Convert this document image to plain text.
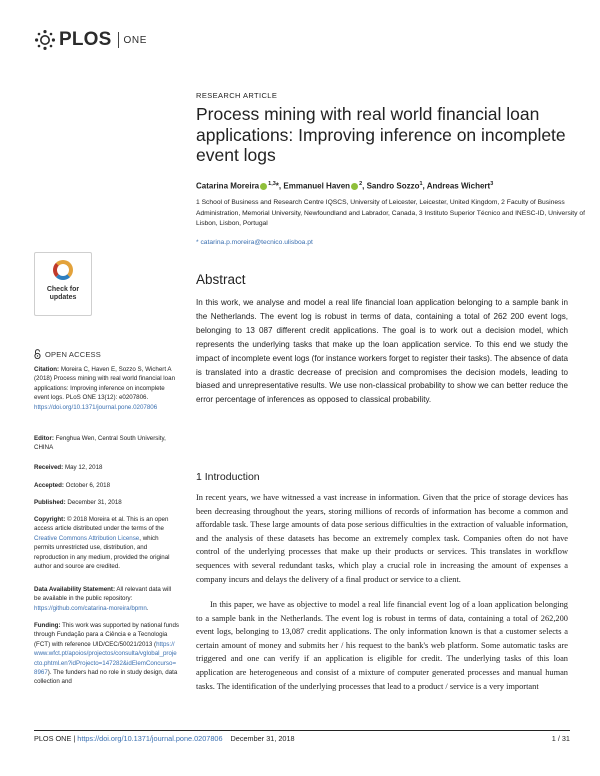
PLOS ONE
RESEARCH ARTICLE
Process mining with real world financial loan applications: Improving inference on incomplete event logs
Catarina Moreira $^{1,3}$*, Emmanuel Haven $^2$, Sandro Sozzo$^1$, Andreas Wichert$^3$
1 School of Business and Research Centre IQSCS, University of Leicester, Leicester, United Kingdom, 2 Faculty of Business Administration, Memorial University, Newfoundland and Labrador, Canada, 3 Instituto Superior Técnico and INESC-ID, University of Lisbon, Lisbon, Portugal
* catarina.p.moreira@tecnico.ulisboa.pt
Check for
updates
OPEN ACCESS
Citation: Moreira C, Haven E, Sozzo S, Wichert A (2018) Process mining with real world financial loan applications: Improving inference on incomplete event logs. PLoS ONE 13(12): e0207806. https://doi.org/10.1371/journal.pone.0207806
Editor: Fenghua Wen, Central South University, CHINA
Received: May 12, 2018
Accepted: October 6, 2018
Published: December 31, 2018
Copyright: © 2018 Moreira et al. This is an open access article distributed under the terms of the Creative Commons Attribution License, which permits unrestricted use, distribution, and reproduction in any medium, provided the original author and source are credited.
Data Availability Statement: All relevant data will be available in the public repository: https://github.com/catarina-moreira/bpmn.
Funding: This work was supported by national funds through Fundação para a Ciência e a Tecnologia (FCT) with reference UID/CEC/50021/2013 (https://www.wfct.pt/apoios/projectos/consulta/vglobal_projecto.phtml.en?idProjecto=147282&idElemConcurso=8967). The funders had no role in study design, data collection and
Abstract

In this work, we analyse and model a real life financial loan application belonging to a sample bank in the Netherlands. The event log is robust in terms of data, containing a total of 262 200 event logs, belonging to 13 087 different credit applications. The goal is to work out a decision model, which represents the underlying tasks that make up the loan application service. To this end we study the impact of incomplete event logs (for instance workers forget to register their tasks). The absence of data is translated into a drastic decrease of precision and compromises the decision models, leading to biased and unrepresentative results. We use non-classical probability to show we can better reduce the error percentage of inferences as opposed to classical probability.

1 Introduction

In recent years, we have witnessed a vast increase in information. Given that the price of storage devices has been decreasing throughout the years, storing millions of records of information has become a common and affordable task. These large amounts of data pose serious difficulties in the extraction of valuable information, and the analysis of these datasets has become an extremely complex task. Companies often do not have control of the underlying processes that make up their products or services. This translates in workflow sequences with several redundant tasks, which play a crucial role in increasing the amount of expenses a company incurs and delays the delivery of a final product or service to a client.

In this paper, we have as objective to model a real life financial event log of a loan application belonging to a sample bank in the Netherlands. The event log is robust in terms of data, containing a total of 262,200 event logs, belonging to 13,087 credit applications. The only information known is that a customer selects a certain amount of money and submits her / his request to the bank's web platform. Some automatic tasks are triggered and one can verify if an application is eligible for credit. The underlying tasks of this loan application are heterogeneous and consist of a mixture of computer generated processes and manual human tasks. The identification of the underlying processes that lead to a product / service is a very important

PLOS ONE | https://doi.org/10.1371/journal.pone.0207806 December 31, 2018	1 / 31
